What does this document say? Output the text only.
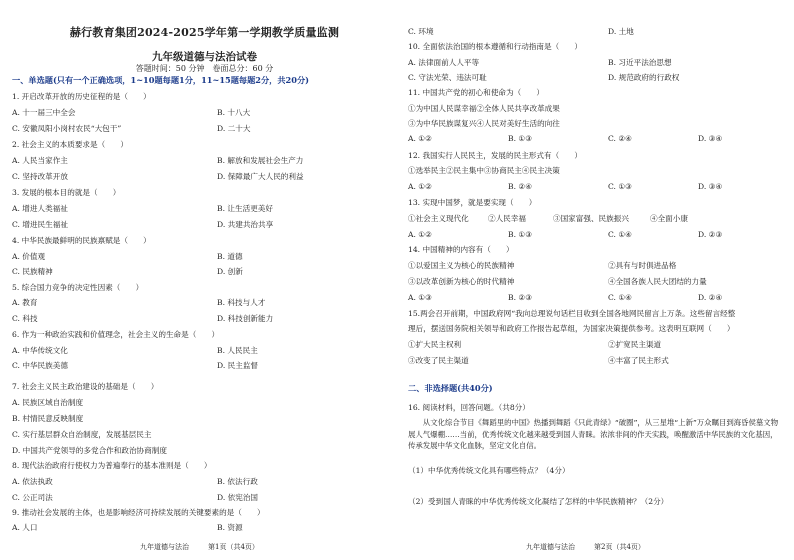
赫行教育集团2024-2025学年第一学期教学质量监测
九年级道德与法治试卷
答题时间：50 分钟　卷面总分：60 分
一、单选题(只有一个正确选项，1~10题每题1分，11~15题每题2分，共20分)
1. 开启改革开放的历史征程的是（　　）
A. 十一届三中全会	B. 十八大
C. 安徽凤阳小岗村农民“大包干”	D. 二十大
2. 社会主义的本质要求是（　　）
A. 人民当家作主	B. 解放和发展社会生产力
C. 坚持改革开放	D. 保障最广大人民的利益
3. 发展的根本目的就是（　　）
A. 增进人类福祉	B. 让生活更美好
C. 增进民生福祉	D. 共建共治共享
4. 中华民族最鲜明的民族禀赋是（　　）
A. 价值观	B. 道德
C. 民族精神	D. 创新
5. 综合国力竞争的决定性因素（　　）
A. 教育	B. 科技与人才
C. 科技	D. 科技创新能力
6. 作为一种政治实践和价值理念，社会主义的生命是（　　）
A. 中华传统文化	B. 人民民主
C. 中华民族美德	D. 民主监督
7. 社会主义民主政治建设的基础是（　　）
A. 民族区域自治制度
B. 村情民意反映制度
C. 实行基层群众自治制度，发展基层民主
D. 中国共产党领导的多党合作和政治协商制度
8. 现代法治政府行使权力为普遍奉行的基本准则是（　　）
A. 依法执政	B. 依法行政
C. 公正司法	D. 依宪治国
9. 推动社会发展的主体，也是影响经济可持续发展的关键要素的是（　　）
A. 人口	B. 资源
九年道德与法治	第1页（共4页）
C. 环境	D. 土地
10. 全面依法治国的根本遵循和行动指南是（　　）
A. 法律面前人人平等	B. 习近平法治思想
C. 守法光荣、违法可耻	D. 规范政府的行政权
11. 中国共产党的初心和使命为（　　）
①为中国人民谋幸福②全体人民共享改革成果
③为中华民族谋复兴④人民对美好生活的向往
A. ①②	B. ①③	C. ②④	D. ③④
12. 我国实行人民民主，发展的民主形式有（　　）
①选举民主②民主集中③协商民主④民主决策
A. ①②	B. ②④	C. ①③	D. ③④
13. 实现中国梦，就是要实现（　　）
①社会主义现代化	②人民幸福	③国家富强、民族振兴	④全面小康
A. ①②	B. ①③	C. ①④	D. ②③
14. 中国精神的内容有（　　）
①以爱国主义为核心的民族精神	②具有与时俱进品格
③以改革创新为核心的时代精神	④全国各族人民大团结的力量
A. ①③	B. ②③	C. ①④	D. ②④
15.两会召开前期，中国政府网“我向总理说句话栏目收到全国各地网民留言上万条。这些留言经整
理后，摆送国务院相关领导和政府工作报告起草组，为国家决策提供参考。这表明互联网（　　）
①扩大民主权利	②扩宽民主渠道
③改变了民主渠道	④丰富了民主形式
二、非选择题(共40分)
16. 阅读材料，回答问题。（共8分）
从文化综合节目《舞蹈里的中国》热播到舞蹈《只此青绿》“破圈”，从三星堆“上新”万众瞩目到海昏侯墓文物展人气爆棚……当前，优秀传统文化越来越受到国人青睐。浓浓非间的作天实践，唤醒激活中华民族的文化基因，传承发展中华文化血脉，坚定文化自信。
（1）中华优秀传统文化具有哪些特点？（4分）
（2）受到国人青睐的中华优秀传统文化凝结了怎样的中华民族精神？（2分）
九年道德与法治	第2页（共4页）
